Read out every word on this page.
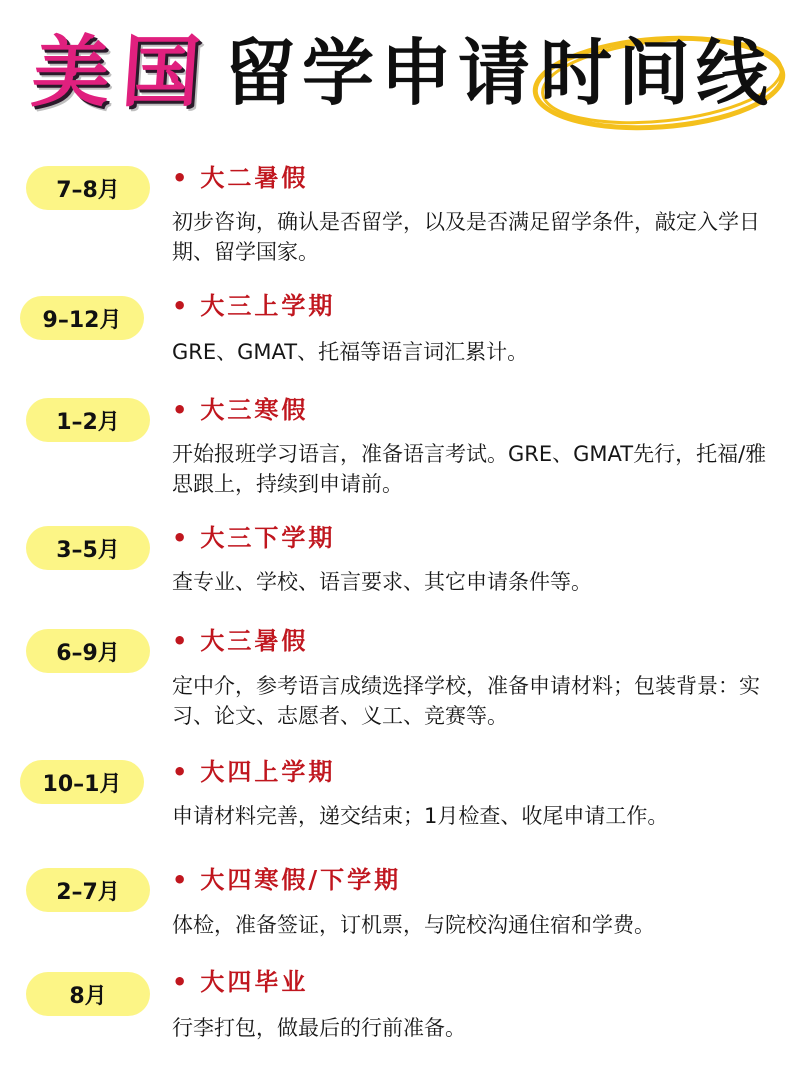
美 国 留 学 申 请 时 间 线
7–8月	• 大二暑假
初步咨询，确认是否留学，以及是否满足留学条件，敲定入学日期、留学国家。
9–12月	• 大三上学期
GRE、GMAT、托福等语言词汇累计。
1–2月	• 大三寒假
开始报班学习语言，准备语言考试。GRE、GMAT先行，托福/雅思跟上，持续到申请前。
3–5月	• 大三下学期
查专业、学校、语言要求、其它申请条件等。
6–9月	• 大三暑假
定中介，参考语言成绩选择学校，准备申请材料；包装背景：实习、论文、志愿者、义工、竞赛等。
10–1月	• 大四上学期
申请材料完善，递交结束；1月检查、收尾申请工作。
2–7月	• 大四寒假/下学期
体检，准备签证，订机票，与院校沟通住宿和学费。
8月	• 大四毕业
行李打包，做最后的行前准备。
